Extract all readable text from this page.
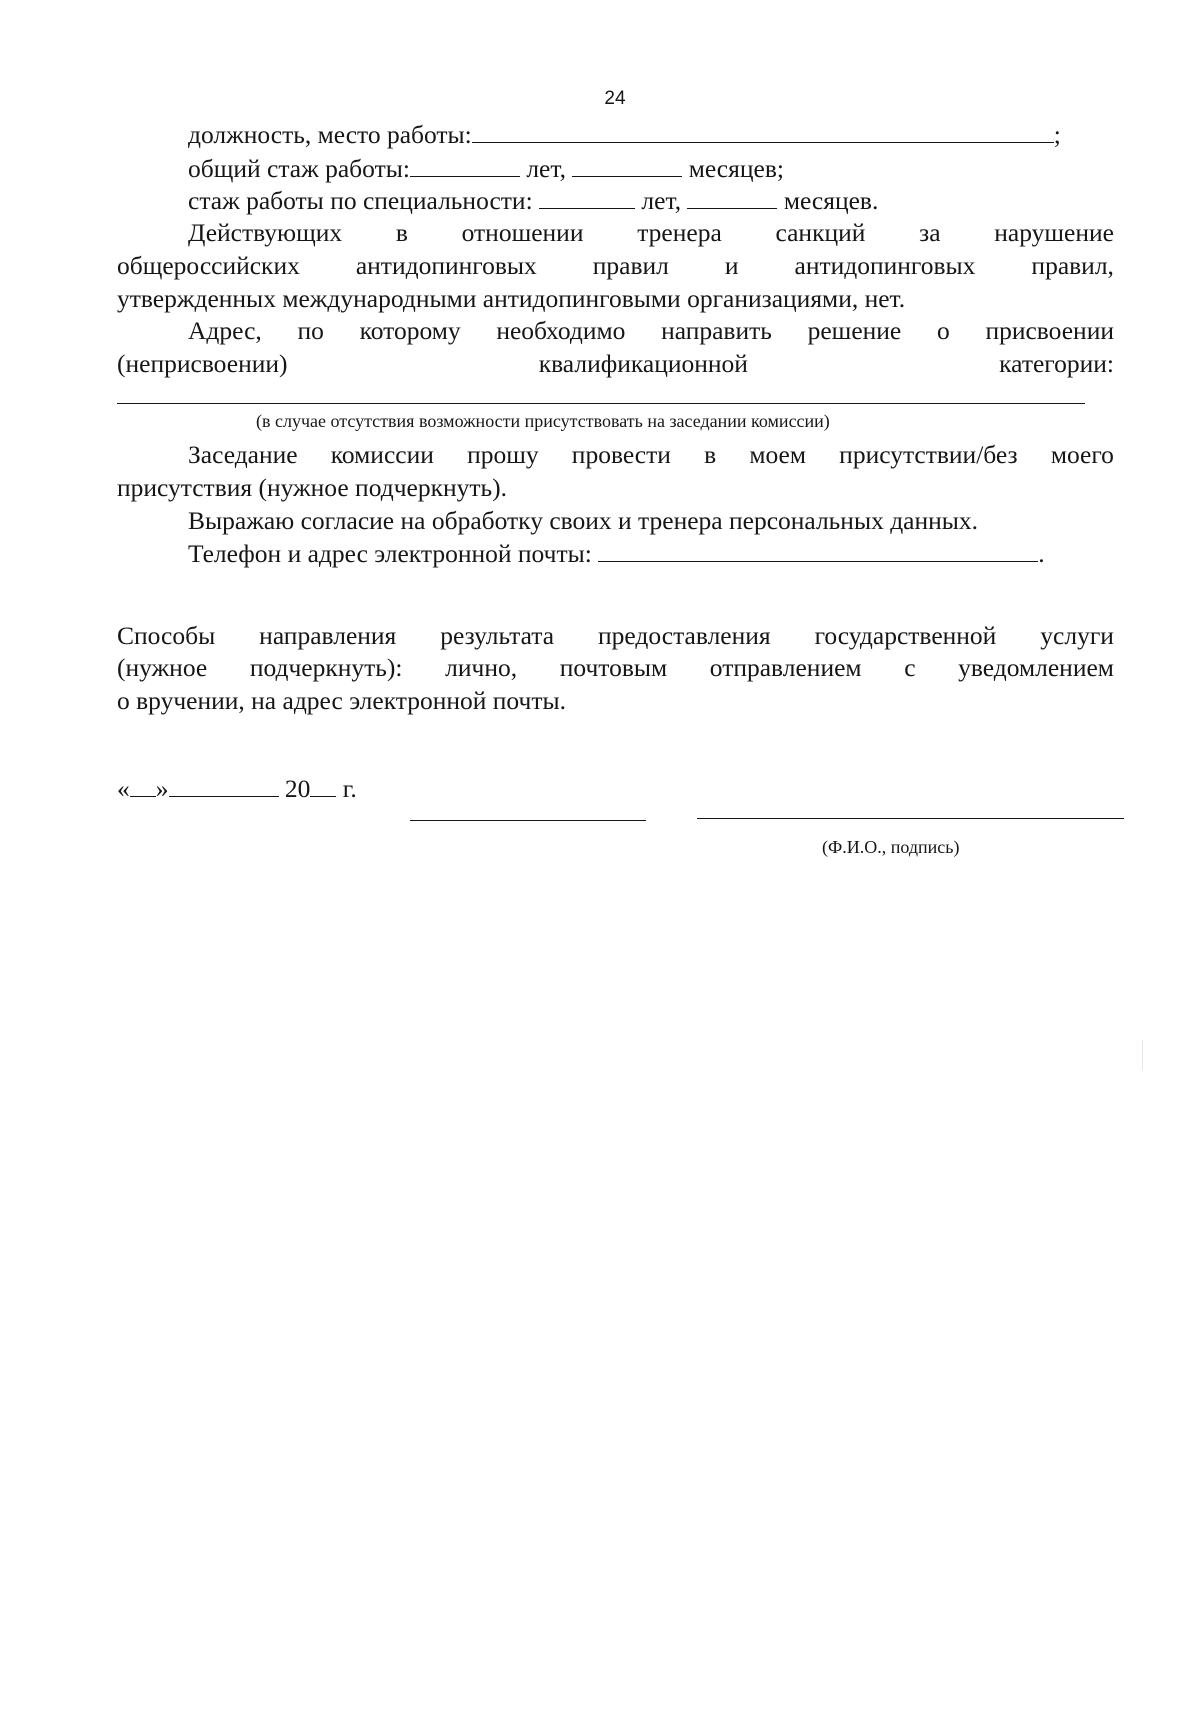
24
должность, место работы:	;
общий стаж работы:	лет,	месяцев;
стаж работы по специальности:	лет,	месяцев.
Действующих в отношении тренера санкций за нарушение
общероссийских антидопинговых правил и антидопинговых правил,
утвержденных международными антидопинговыми организациями, нет.
Адрес, по которому необходимо направить решение о присвоении
(неприсвоении)	квалификационной	категории:
(в случае отсутствия возможности присутствовать на заседании комиссии)
Заседание комиссии прошу провести в моем присутствии/без моего
присутствия (нужное подчеркнуть).
Выражаю согласие на обработку своих и тренера персональных данных.
Телефон и адрес электронной почты:	.
Способы направления результата предоставления государственной услуги
(нужное подчеркнуть): лично, почтовым отправлением с уведомлением
о вручении, на адрес электронной почты.
« »	20 г.
(Ф.И.О., подпись)
